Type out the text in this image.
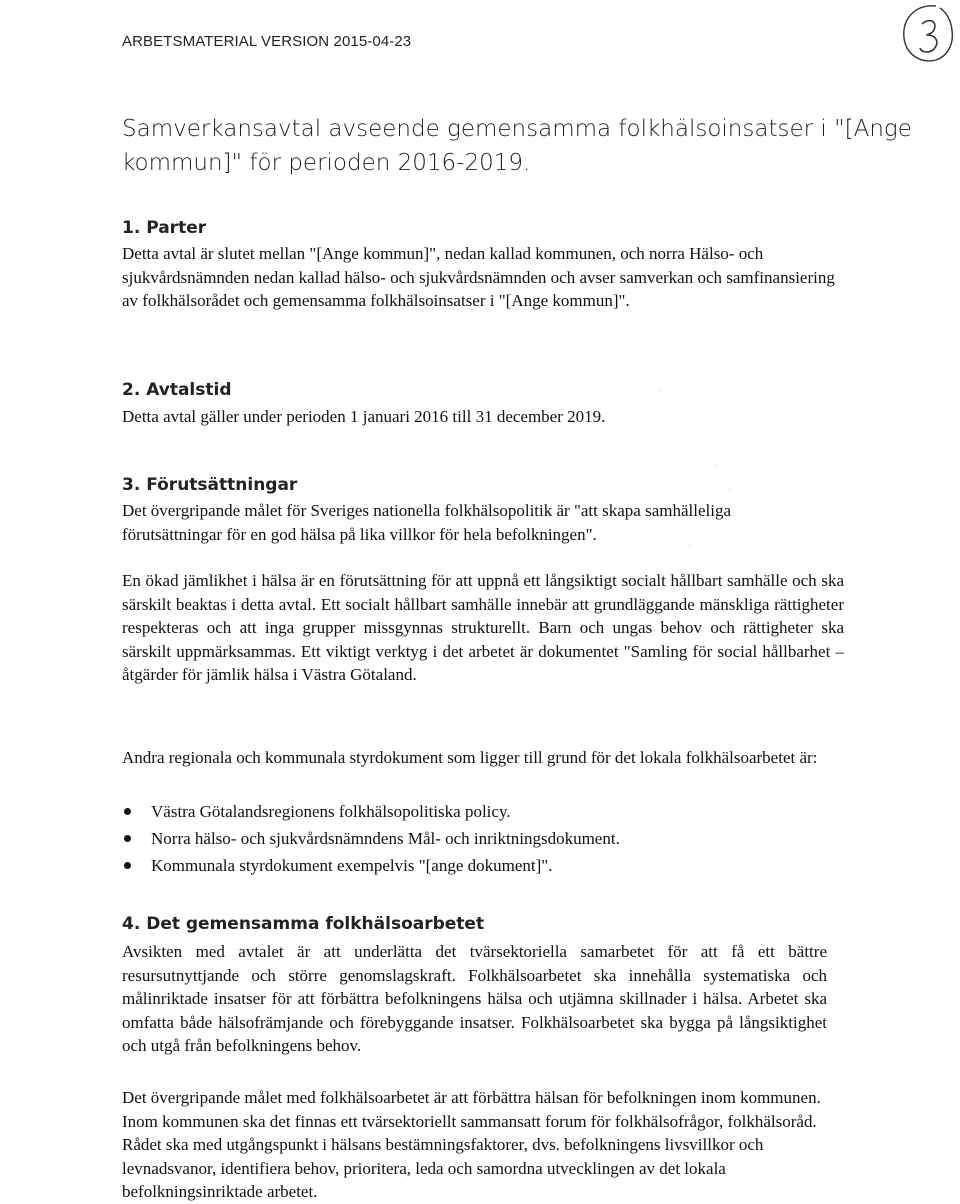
ARBETSMATERIAL VERSION 2015-04-23
Samverkansavtal avseende gemensamma folkhälsoinsatser i "[Ange kommun]" för perioden 2016-2019.
1. Parter

Detta avtal är slutet mellan "[Ange kommun]", nedan kallad kommunen, och norra Hälso- och sjukvårdsnämnden nedan kallad hälso- och sjukvårdsnämnden och avser samverkan och samfinansiering av folkhälsorådet och gemensamma folkhälsoinsatser i "[Ange kommun]".

2. Avtalstid

Detta avtal gäller under perioden 1 januari 2016 till 31 december 2019.

3. Förutsättningar

Det övergripande målet för Sveriges nationella folkhälsopolitik är "att skapa samhälleliga förutsättningar för en god hälsa på lika villkor för hela befolkningen".

En ökad jämlikhet i hälsa är en förutsättning för att uppnå ett långsiktigt socialt hållbart samhälle och ska särskilt beaktas i detta avtal. Ett socialt hållbart samhälle innebär att grundläggande mänskliga rättigheter respekteras och att inga grupper missgynnas strukturellt. Barn och ungas behov och rättigheter ska särskilt uppmärksammas. Ett viktigt verktyg i det arbetet är dokumentet "Samling för social hållbarhet – åtgärder för jämlik hälsa i Västra Götaland.

Andra regionala och kommunala styrdokument som ligger till grund för det lokala folkhälsoarbetet är:

Västra Götalandsregionens folkhälsopolitiska policy.
Norra hälso- och sjukvårdsnämndens Mål- och inriktningsdokument.
Kommunala styrdokument exempelvis "[ange dokument]".
4. Det gemensamma folkhälsoarbetet

Avsikten med avtalet är att underlätta det tvärsektoriella samarbetet för att få ett bättre resursutnyttjande och större genomslagskraft. Folkhälsoarbetet ska innehålla systematiska och målinriktade insatser för att förbättra befolkningens hälsa och utjämna skillnader i hälsa. Arbetet ska omfatta både hälsofrämjande och förebyggande insatser. Folkhälsoarbetet ska bygga på långsiktighet och utgå från befolkningens behov.

Det övergripande målet med folkhälsoarbetet är att förbättra hälsan för befolkningen inom kommunen. Inom kommunen ska det finnas ett tvärsektoriellt sammansatt forum för folkhälsofrågor, folkhälsoråd. Rådet ska med utgångspunkt i hälsans bestämningsfaktorer, dvs. befolkningens livsvillkor och levnadsvanor, identifiera behov, prioritera, leda och samordna utvecklingen av det lokala befolkningsinriktade arbetet.
